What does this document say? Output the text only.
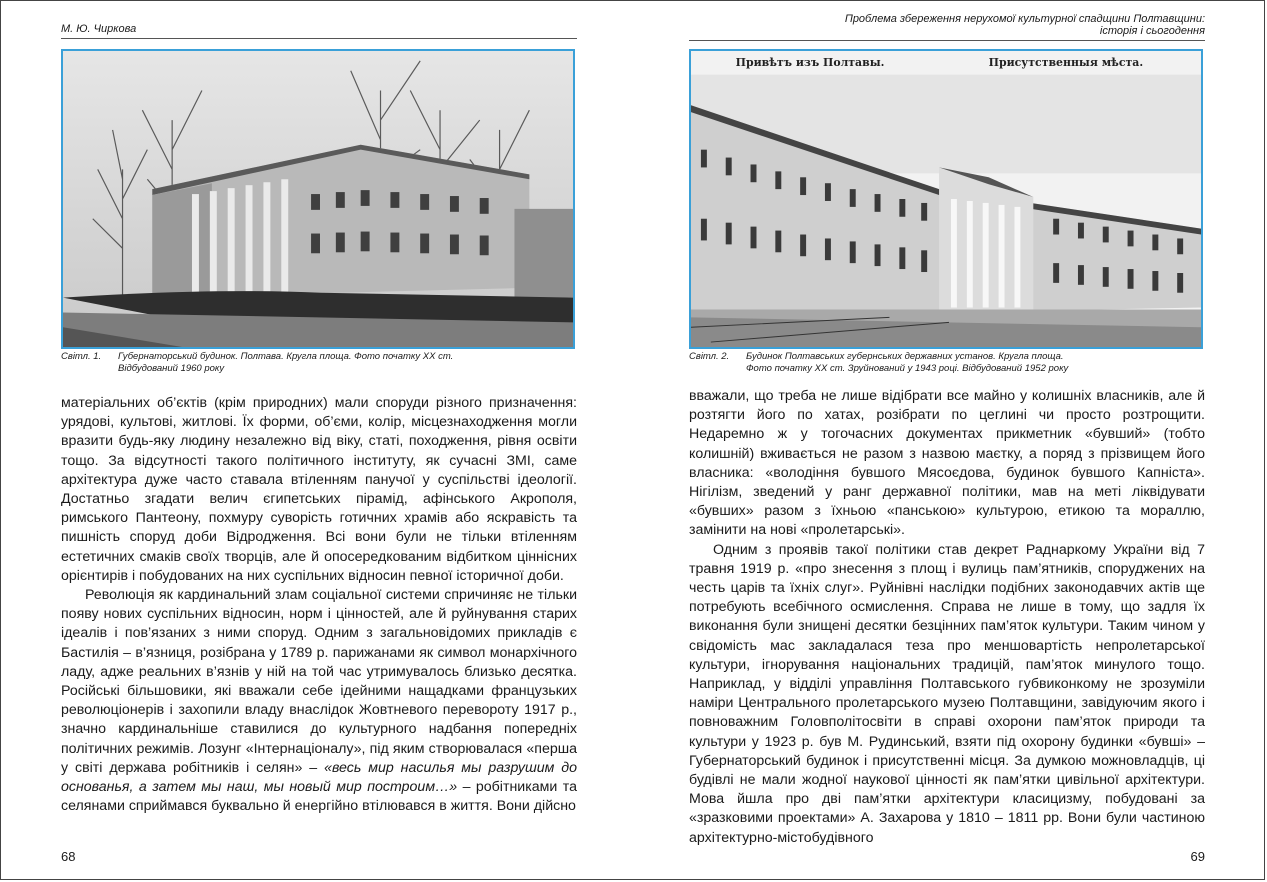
М. Ю. Чиркова
Світл. 1. Губернаторський будинок. Полтава. Кругла площа. Фото початку ХХ ст.
Відбудований 1960 року

матеріальних об’єктів (крім природних) мали споруди різного призначення: урядові, культові, житлові. Їх форми, об’єми, колір, місцезнаходження могли вразити будь-яку людину незалежно від віку, статі, походження, рівня освіти тощо. За відсутності такого політичного інституту, як сучасні ЗМІ, саме архітектура дуже часто ставала втіленням панучої у суспільстві ідеології. Достатньо згадати велич єгипетських пірамід, афінського Акрополя, римського Пантеону, похмуру суворість готичних храмів або яскравість та пишність споруд доби Відродження. Всі вони були не тільки втіленням естетичних смаків своїх творців, але й опосередкованим відбитком ціннісних орієнтирів і побудованих на них суспільних відносин певної історичної доби.

Революція як кардинальний злам соціальної системи спричиняє не тільки появу нових суспільних відносин, норм і цінностей, але й руйнування старих ідеалів і пов’язаних з ними споруд. Одним з загальновідомих прикладів є Бастилія – в’язниця, розібрана у 1789 р. парижанами як символ монархічного ладу, адже реальних в’язнів у ній на той час утримувалось близько десятка. Російські більшовики, які вважали себе ідейними нащадками французьких революціонерів і захопили владу внаслідок Жовтневого перевороту 1917 р., значно кардинальніше ставилися до культурного надбання попередніх політичних режимів. Лозунг «Інтернаціоналу», під яким створювалася «перша у світі держава робітників і селян» – «весь мир насилья мы разрушим до основанья, а затем мы наш, мы новый мир построим…» – робітниками та селянами сприймався буквально й енергійно втілювався в життя. Вони дійсно

68
Проблема збереження нерухомої культурної спадщини Полтавщини:
історія і сьогодення
Привѣтъ изъ Полтавы.	Присутственныя мѣста.
Світл. 2. Будинок Полтавських губернських державних установ. Кругла площа.
Фото початку ХХ ст. Зруйнований у 1943 році. Відбудований 1952 року

вважали, що треба не лише відібрати все майно у колишніх власників, але й розтягти його по хатах, розібрати по цеглині чи просто розтрощити. Недаремно ж у тогочасних документах прикметник «бувший» (тобто колишній) вживається не разом з назвою маєтку, а поряд з прізвищем його власника: «володіння бувшого Мясоєдова, будинок бувшого Капніста». Нігілізм, зведений у ранг державної політики, мав на меті ліквідувати «бувших» разом з їхньою «панською» культурою, етикою та мораллю, замінити на нові «пролетарські».

Одним з проявів такої політики став декрет Раднаркому України від 7 травня 1919 р. «про знесення з площ і вулиць пам’ятників, споруджених на честь царів та їхніх слуг». Руйнівні наслідки подібних законодавчих актів ще потребують всебічного осмислення. Справа не лише в тому, що задля їх виконання були знищені десятки безцінних пам’яток культури. Таким чином у свідомість мас закладалася теза про меншовартість непролетарської культури, ігнорування національних традицій, пам’яток минулого тощо. Наприклад, у відділі управління Полтавського губвиконкому не зрозуміли наміри Центрального пролетарського музею Полтавщини, завідуючим якого і повноважним Головполітосвіти в справі охорони пам’яток природи та культури у 1923 р. був М. Рудинський, взяти під охорону будинки «бувші» – Губернаторський будинок і присутственні місця. За думкою можновладців, ці будівлі не мали жодної наукової цінності як пам’ятки цивільної архітектури. Мова йшла про дві пам’ятки архітектури класицизму, побудовані за «зразковими проектами» А. Захарова у 1810 – 1811 рр. Вони були частиною архітектурно-містобудівного

69
